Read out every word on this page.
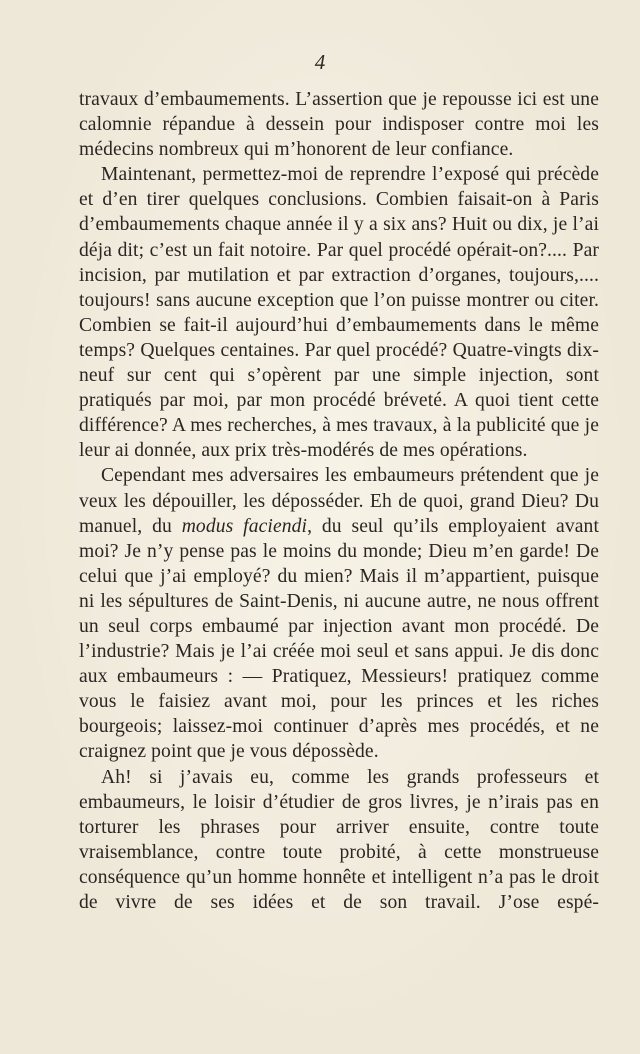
4

travaux d’embaumements. L’assertion que je repousse ici est une calomnie répandue à dessein pour indisposer contre moi les médecins nombreux qui m’honorent de leur confiance.

Maintenant, permettez-moi de reprendre l’exposé qui précède et d’en tirer quelques conclusions. Combien faisait-on à Paris d’embaumements chaque année il y a six ans? Huit ou dix, je l’ai déja dit; c’est un fait notoire. Par quel procédé opérait-on?.... Par incision, par mutilation et par extraction d’organes, toujours,.... toujours! sans aucune exception que l’on puisse montrer ou citer. Combien se fait-il aujourd’hui d’embaumements dans le même temps? Quelques centaines. Par quel procédé? Quatre-vingts dix-neuf sur cent qui s’opèrent par une simple injection, sont pratiqués par moi, par mon procédé bréveté. A quoi tient cette différence? A mes recherches, à mes travaux, à la publicité que je leur ai donnée, aux prix très-modérés de mes opérations.

Cependant mes adversaires les embaumeurs prétendent que je veux les dépouiller, les déposséder. Eh de quoi, grand Dieu? Du manuel, du modus faciendi, du seul qu’ils employaient avant moi? Je n’y pense pas le moins du monde; Dieu m’en garde! De celui que j’ai employé? du mien? Mais il m’appartient, puisque ni les sépultures de Saint-Denis, ni aucune autre, ne nous offrent un seul corps embaumé par injection avant mon procédé. De l’industrie? Mais je l’ai créée moi seul et sans appui. Je dis donc aux embaumeurs : — Pratiquez, Messieurs! pratiquez comme vous le faisiez avant moi, pour les princes et les riches bourgeois; laissez-moi continuer d’après mes procédés, et ne craignez point que je vous dépossède.

Ah! si j’avais eu, comme les grands professeurs et embaumeurs, le loisir d’étudier de gros livres, je n’irais pas en torturer les phrases pour arriver ensuite, contre toute vraisemblance, contre toute probité, à cette monstrueuse conséquence qu’un homme honnête et intelligent n’a pas le droit de vivre de ses idées et de son travail. J’ose espé-
